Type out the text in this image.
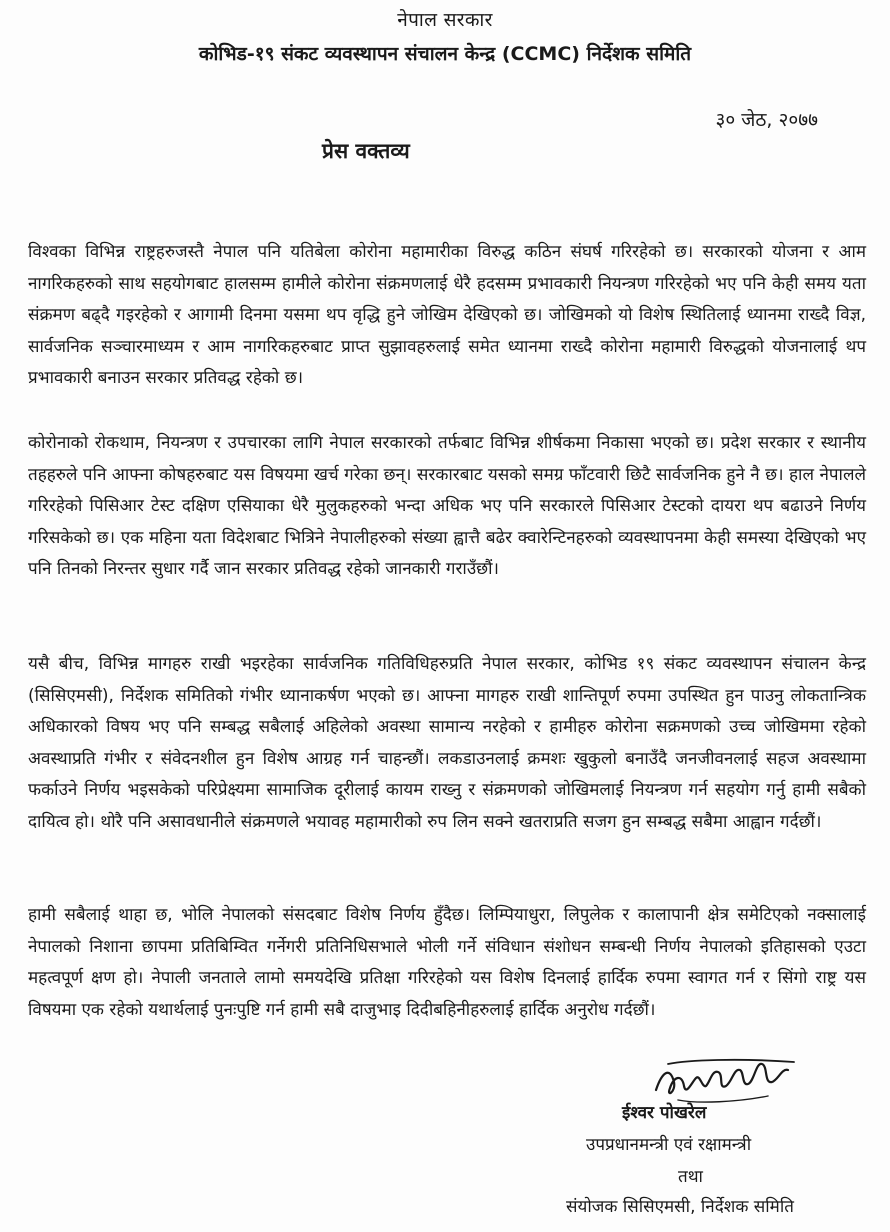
नेपाल सरकार
कोभिड-१९ संकट व्यवस्थापन संचालन केन्द्र (CCMC) निर्देशक समिति
३० जेठ, २०७७
प्रेस वक्तव्य

विश्वका विभिन्न राष्ट्रहरुजस्तै नेपाल पनि यतिबेला कोरोना महामारीका विरुद्ध कठिन संघर्ष गरिरहेको छ। सरकारको योजना र आम नागरिकहरुको साथ सहयोगबाट हालसम्म हामीले कोरोना संक्रमणलाई धेरै हदसम्म प्रभावकारी नियन्त्रण गरिरहेको भए पनि केही समय यता संक्रमण बढ्दै गइरहेको र आगामी दिनमा यसमा थप वृद्धि हुने जोखिम देखिएको छ। जोखिमको यो विशेष स्थितिलाई ध्यानमा राख्दै विज्ञ, सार्वजनिक सञ्चारमाध्यम र आम नागरिकहरुबाट प्राप्त सुझावहरुलाई समेत ध्यानमा राख्दै कोरोना महामारी विरुद्धको योजनालाई थप प्रभावकारी बनाउन सरकार प्रतिवद्ध रहेको छ।

कोरोनाको रोकथाम, नियन्त्रण र उपचारका लागि नेपाल सरकारको तर्फबाट विभिन्न शीर्षकमा निकासा भएको छ। प्रदेश सरकार र स्थानीय तहहरुले पनि आफ्ना कोषहरुबाट यस विषयमा खर्च गरेका छन्। सरकारबाट यसको समग्र फाँटवारी छिटै सार्वजनिक हुने नै छ। हाल नेपालले गरिरहेको पिसिआर टेस्ट दक्षिण एसियाका धेरै मुलुकहरुको भन्दा अधिक भए पनि सरकारले पिसिआर टेस्टको दायरा थप बढाउने निर्णय गरिसकेको छ। एक महिना यता विदेशबाट भित्रिने नेपालीहरुको संख्या ह्वात्तै बढेर क्वारेन्टिनहरुको व्यवस्थापनमा केही समस्या देखिएको भए पनि तिनको निरन्तर सुधार गर्दै जान सरकार प्रतिवद्ध रहेको जानकारी गराउँछौं।

यसै बीच, विभिन्न मागहरु राखी भइरहेका सार्वजनिक गतिविधिहरुप्रति नेपाल सरकार, कोभिड १९ संकट व्यवस्थापन संचालन केन्द्र (सिसिएमसी), निर्देशक समितिको गंभीर ध्यानाकर्षण भएको छ। आफ्ना मागहरु राखी शान्तिपूर्ण रुपमा उपस्थित हुन पाउनु लोकतान्त्रिक अधिकारको विषय भए पनि सम्बद्ध सबैलाई अहिलेको अवस्था सामान्य नरहेको र हामीहरु कोरोना सक्रमणको उच्च जोखिममा रहेको अवस्थाप्रति गंभीर र संवेदनशील हुन विशेष आग्रह गर्न चाहन्छौं। लकडाउनलाई क्रमशः खुकुलो बनाउँदै जनजीवनलाई सहज अवस्थामा फर्काउने निर्णय भइसकेको परिप्रेक्ष्यमा सामाजिक दूरीलाई कायम राख्नु र संक्रमणको जोखिमलाई नियन्त्रण गर्न सहयोग गर्नु हामी सबैको दायित्व हो। थोरै पनि असावधानीले संक्रमणले भयावह महामारीको रुप लिन सक्ने खतराप्रति सजग हुन सम्बद्ध सबैमा आह्वान गर्दछौं।

हामी सबैलाई थाहा छ, भोलि नेपालको संसदबाट विशेष निर्णय हुँदैछ। लिम्पियाधुरा, लिपुलेक र कालापानी क्षेत्र समेटिएको नक्सालाई नेपालको निशाना छापमा प्रतिबिम्वित गर्नेगरी प्रतिनिधिसभाले भोली गर्ने संविधान संशोधन सम्बन्धी निर्णय नेपालको इतिहासको एउटा महत्वपूर्ण क्षण हो। नेपाली जनताले लामो समयदेखि प्रतिक्षा गरिरहेको यस विशेष दिनलाई हार्दिक रुपमा स्वागत गर्न र सिंगो राष्ट्र यस विषयमा एक रहेको यथार्थलाई पुनःपुष्टि गर्न हामी सबै दाजुभाइ दिदीबहिनीहरुलाई हार्दिक अनुरोध गर्दछौं।

ईश्वर पोखरेल
उपप्रधानमन्त्री एवं रक्षामन्त्री
तथा
संयोजक सिसिएमसी, निर्देशक समिति
